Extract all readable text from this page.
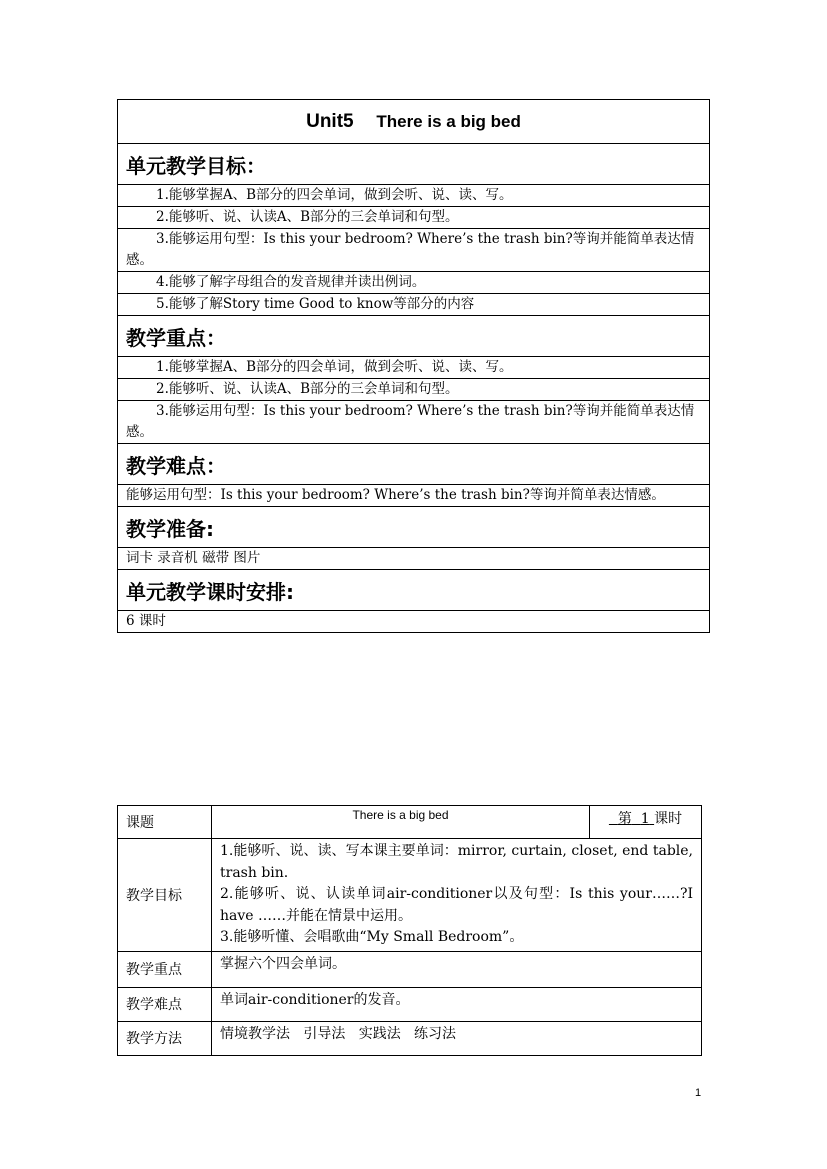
Unit5 There is a big bed
单元教学目标：
1.能够掌握A、B部分的四会单词，做到会听、说、读、写。
2.能够听、说、认读A、B部分的三会单词和句型。
3.能够运用句型：Is this your bedroom? Where’s the trash bin?等询并能简单表达情感。
4.能够了解字母组合的发音规律并读出例词。
5.能够了解Story time Good to know等部分的内容
教学重点：
1.能够掌握A、B部分的四会单词，做到会听、说、读、写。
2.能够听、说、认读A、B部分的三会单词和句型。
3.能够运用句型：Is this your bedroom? Where’s the trash bin?等询并能简单表达情感。
教学难点：
能够运用句型：Is this your bedroom? Where’s the trash bin?等询并简单表达情感。
教学准备:
词卡 录音机 磁带 图片
单元教学课时安排:
6 课时
课题	There is a big bed	第 1 课时
教学目标	1.能够听、说、读、写本课主要单词：mirror, curtain, closet, end table, trash bin.
2.能够听、说、认读单词air-conditioner以及句型：Is this your……?I have ……并能在情景中运用。
3.能够听懂、会唱歌曲“My Small Bedroom”。	

教学重点	掌握六个四会单词。	
教学难点	单词air-conditioner的发音。	
教学方法	情境教学法   引导法   实践法   练习法	
1
